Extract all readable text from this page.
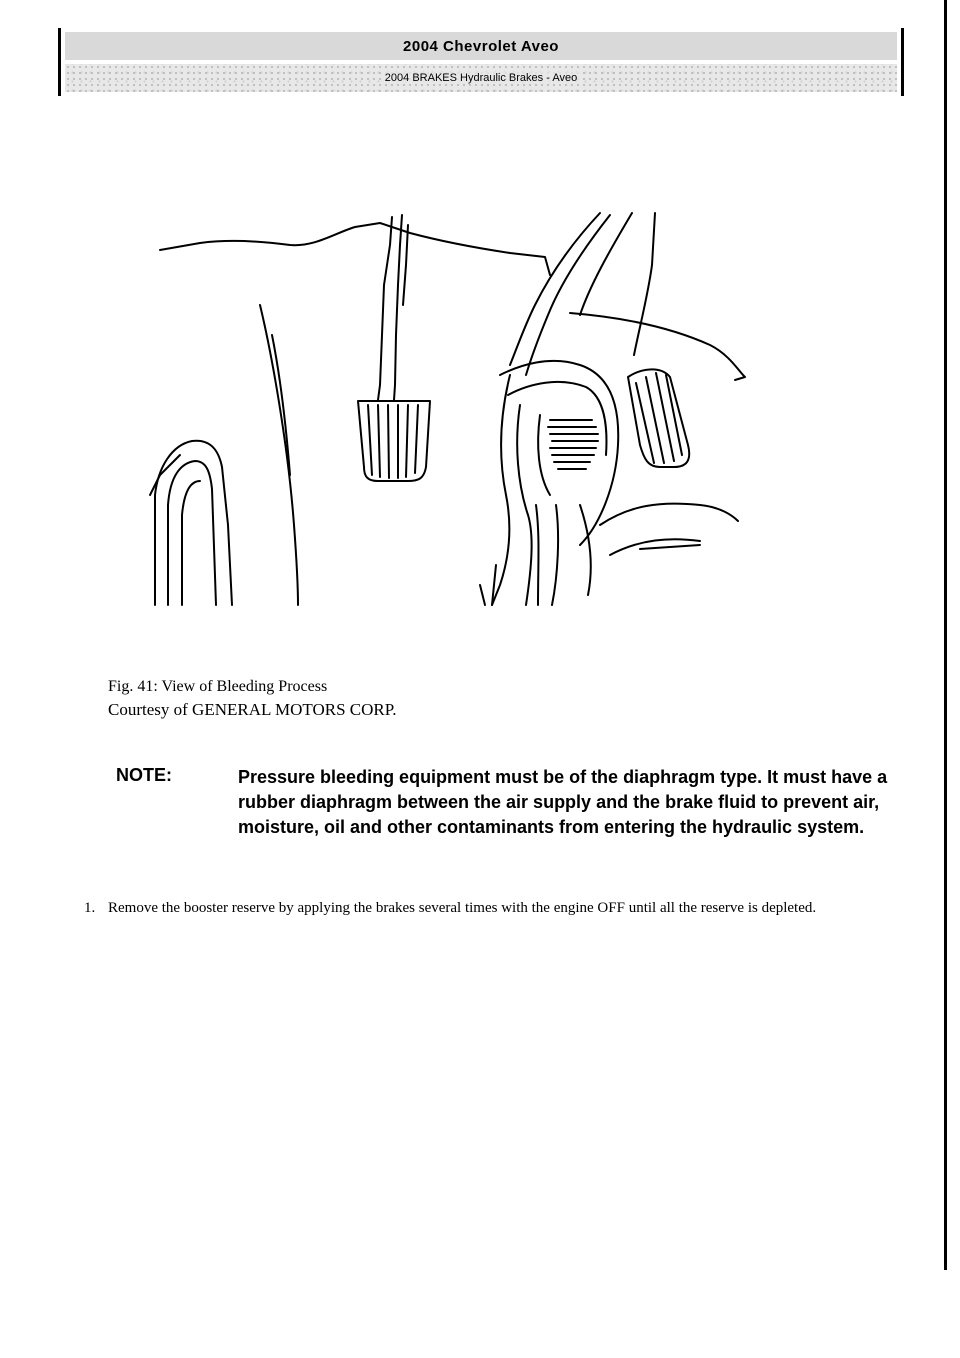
2004 Chevrolet Aveo
2004 BRAKES Hydraulic Brakes - Aveo
Fig. 41: View of Bleeding Process
Courtesy of GENERAL MOTORS CORP.
NOTE:	Pressure bleeding equipment must be of the diaphragm type. It must have a rubber diaphragm between the air supply and the brake fluid to prevent air, moisture, oil and other contaminants from entering the hydraulic system.
1. Remove the booster reserve by applying the brakes several times with the engine OFF until all the reserve is depleted.
